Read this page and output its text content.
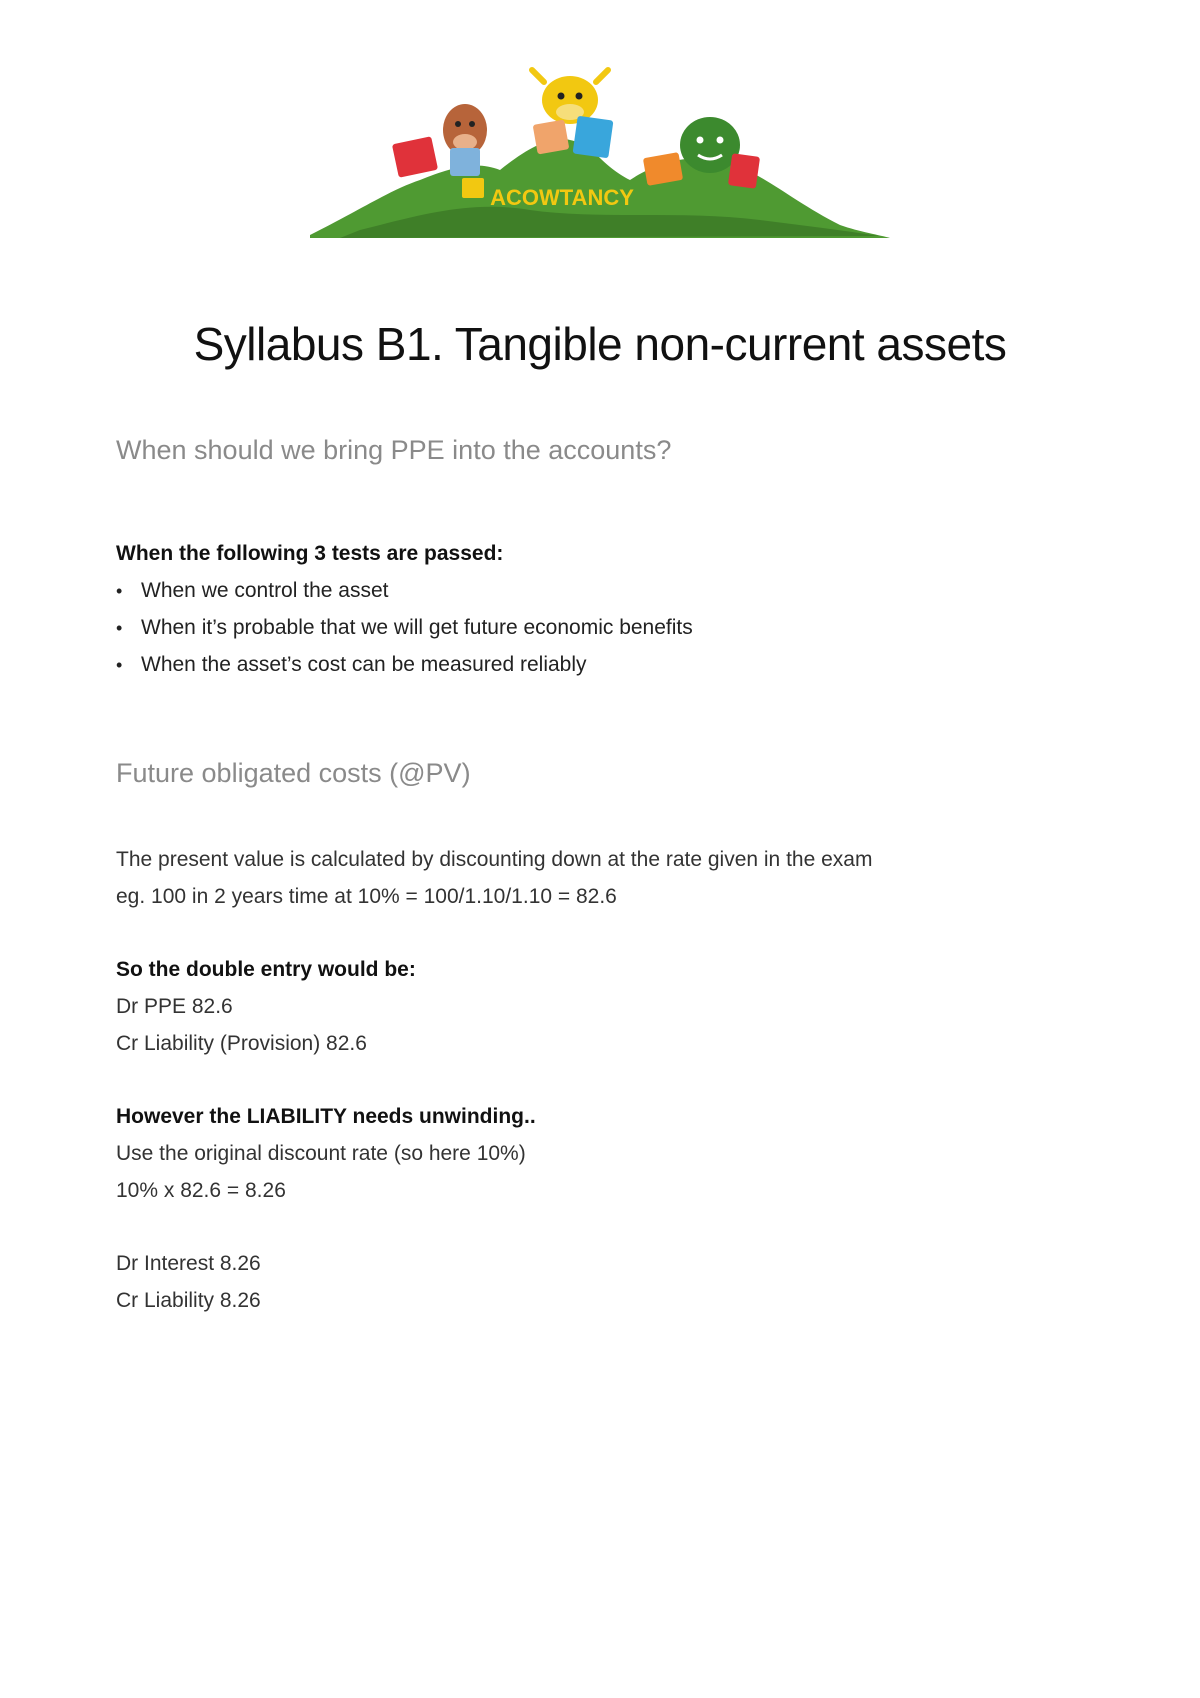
ACOWTANCY
Syllabus B1. Tangible non-current assets
When should we bring PPE into the accounts?
When the following 3 tests are passed:
• When we control the asset
• When it’s probable that we will get future economic benefits
• When the asset’s cost can be measured reliably
Future obligated costs (@PV)
The present value is calculated by discounting down at the rate given in the exam
eg. 100 in 2 years time at 10% = 100/1.10/1.10 = 82.6
So the double entry would be:
Dr PPE 82.6
Cr Liability (Provision) 82.6
However the LIABILITY needs unwinding..
Use the original discount rate (so here 10%)
10% x 82.6 = 8.26
Dr Interest 8.26
Cr Liability 8.26
